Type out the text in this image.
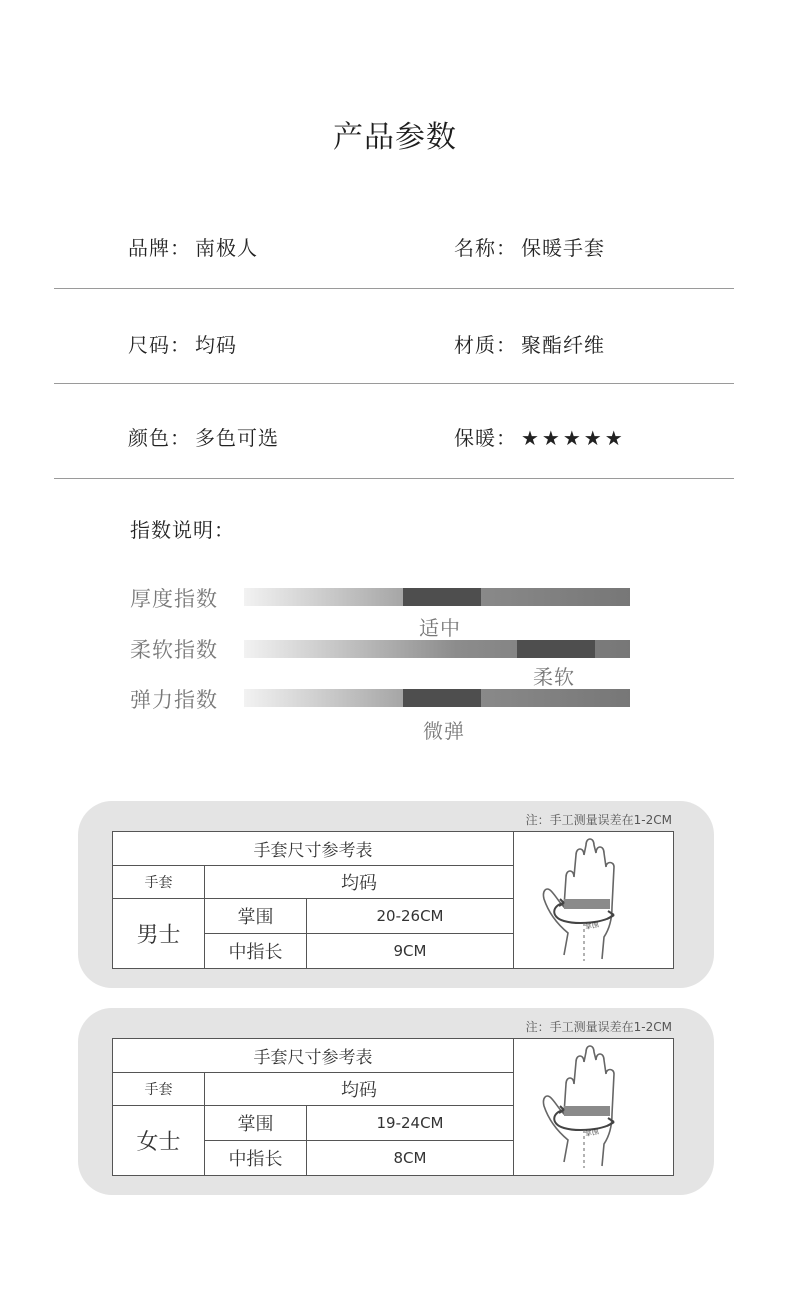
产品参数
品牌： 南极人	名称： 保暖手套
尺码： 均码	材质： 聚酯纤维
颜色： 多色可选	保暖： ★★★★★
指数说明：
厚度指数
适中
柔软指数
柔软
弹力指数
微弹
注：手工测量误差在1-2CM
手套尺寸参考表
手套	均码
男士
掌围	20-26CM
中指长	9CM
掌围
注：手工测量误差在1-2CM
手套尺寸参考表
手套	均码
女士
掌围	19-24CM
中指长	8CM
掌围
